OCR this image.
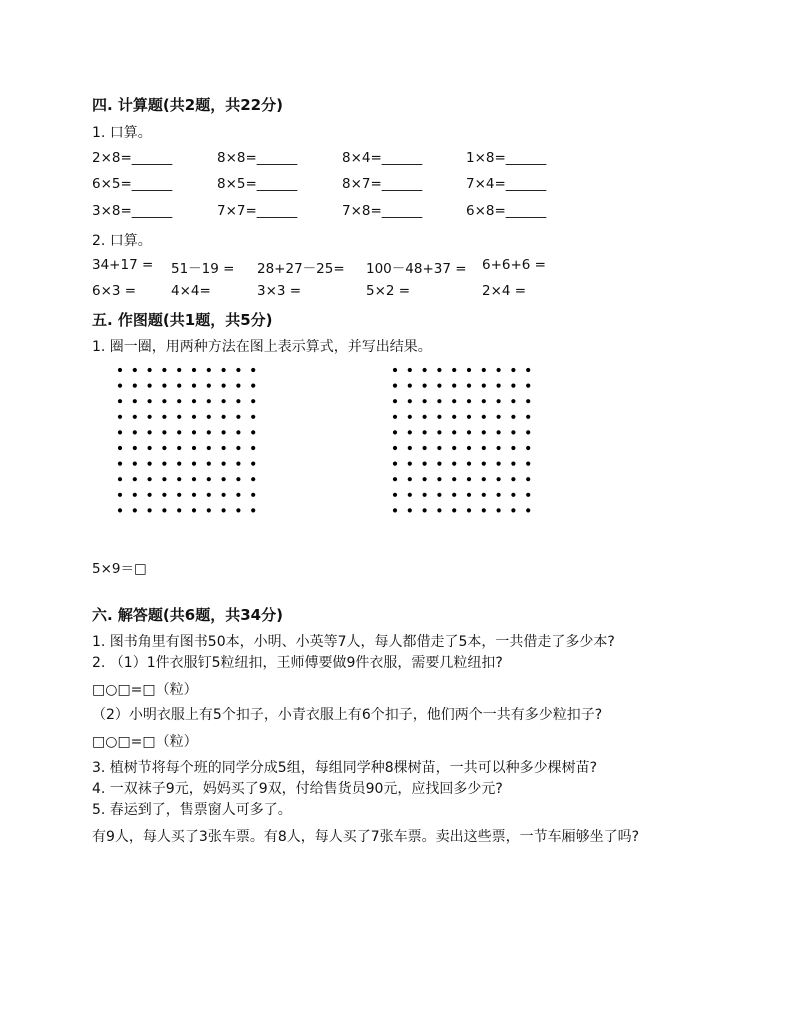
四. 计算题(共2题，共22分)
1. 口算。
2×8=______	8×8=______	8×4=______	1×8=______
6×5=______	8×5=______	8×7=______	7×4=______
3×8=______	7×7=______	7×8=______	6×8=______
2. 口算。
34+17 = 51－19 = 28+27－25= 100－48+37 = 6+6+6 =
6×3 =	4×4=	3×3 =	5×2 =	2×4 =
五. 作图题(共1题，共5分)
1. 圈一圈，用两种方法在图上表示算式，并写出结果。
5×9＝□
六. 解答题(共6题，共34分)
1. 图书角里有图书50本，小明、小英等7人，每人都借走了5本，一共借走了多少本?
2. （1）1件衣服钉5粒纽扣，王师傅要做9件衣服，需要几粒纽扣?
□○□=□（粒）
（2）小明衣服上有5个扣子，小青衣服上有6个扣子，他们两个一共有多少粒扣子?
□○□=□（粒）
3. 植树节将每个班的同学分成5组，每组同学种8棵树苗，一共可以种多少棵树苗?
4. 一双袜子9元，妈妈买了9双，付给售货员90元，应找回多少元?
5. 春运到了，售票窗人可多了。
有9人，每人买了3张车票。有8人，每人买了7张车票。卖出这些票，一节车厢够坐了吗?
